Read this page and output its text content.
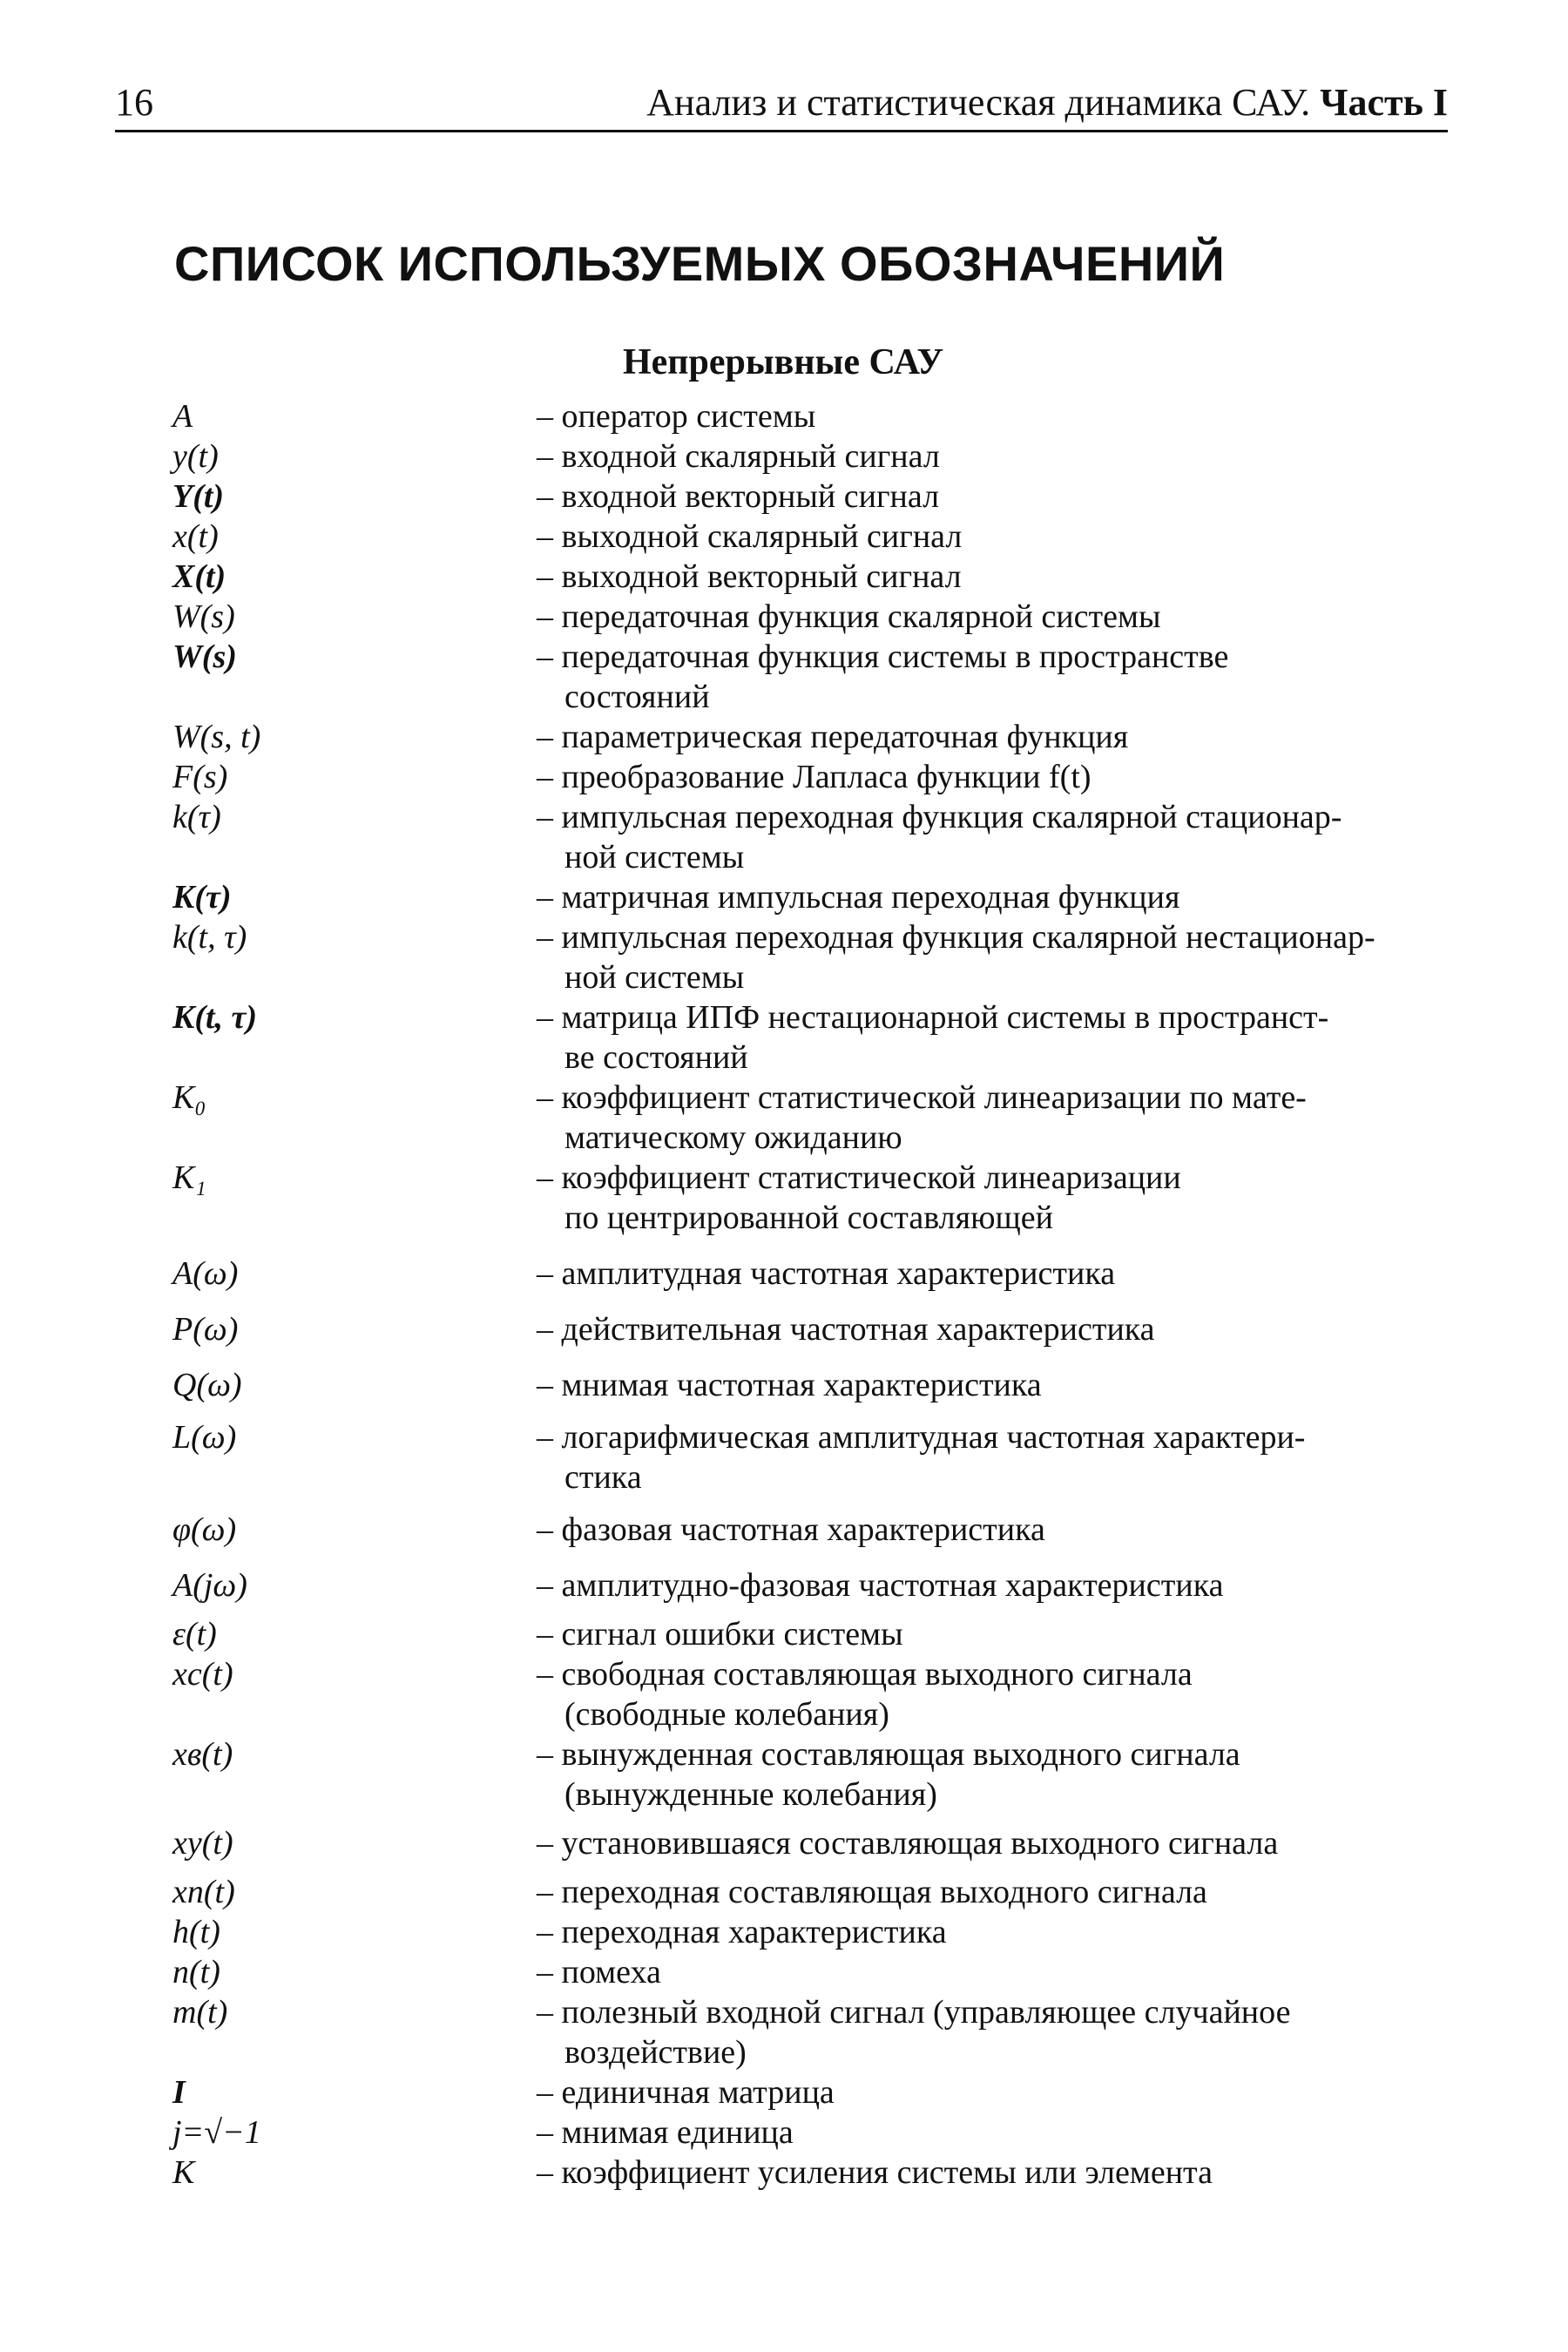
16	Анализ и статистическая динамика САУ. Часть I
СПИСОК ИСПОЛЬЗУЕМЫХ ОБОЗНАЧЕНИЙ
Непрерывные САУ
A	– оператор системы
y(t)	– входной скалярный сигнал
Y(t)	– входной векторный сигнал
x(t)	– выходной скалярный сигнал
X(t)	– выходной векторный сигнал
W(s)	– передаточная функция скалярной системы
W(s)	– передаточная функция системы в пространстве
состояний
W(s, t)	– параметрическая передаточная функция
F(s)	– преобразование Лапласа функции f(t)
k(τ)	– импульсная переходная функция скалярной стационар-
ной системы
K(τ)	– матричная импульсная переходная функция
k(t, τ)	– импульсная переходная функция скалярной нестационар-
ной системы
K(t, τ)	– матрица ИПФ нестационарной системы в пространст-
ве состояний
K₀	– коэффициент статистической линеаризации по мате-
матическому ожиданию
K₁	– коэффициент статистической линеаризации
по центрированной составляющей
A(ω)	– амплитудная частотная характеристика
P(ω)	– действительная частотная характеристика
Q(ω)	– мнимая частотная характеристика
L(ω)	– логарифмическая амплитудная частотная характери-
стика
φ(ω)	– фазовая частотная характеристика
A(jω)	– амплитудно-фазовая частотная характеристика
ε(t)	– сигнал ошибки системы
xс(t)	– свободная составляющая выходного сигнала
(свободные колебания)
xв(t)	– вынужденная составляющая выходного сигнала
(вынужденные колебания)
xу(t)	– установившаяся составляющая выходного сигнала
xп(t)	– переходная составляющая выходного сигнала
h(t)	– переходная характеристика
n(t)	– помеха
m(t)	– полезный входной сигнал (управляющее случайное
воздействие)
I	– единичная матрица
j=√−1	– мнимая единица
K	– коэффициент усиления системы или элемента
